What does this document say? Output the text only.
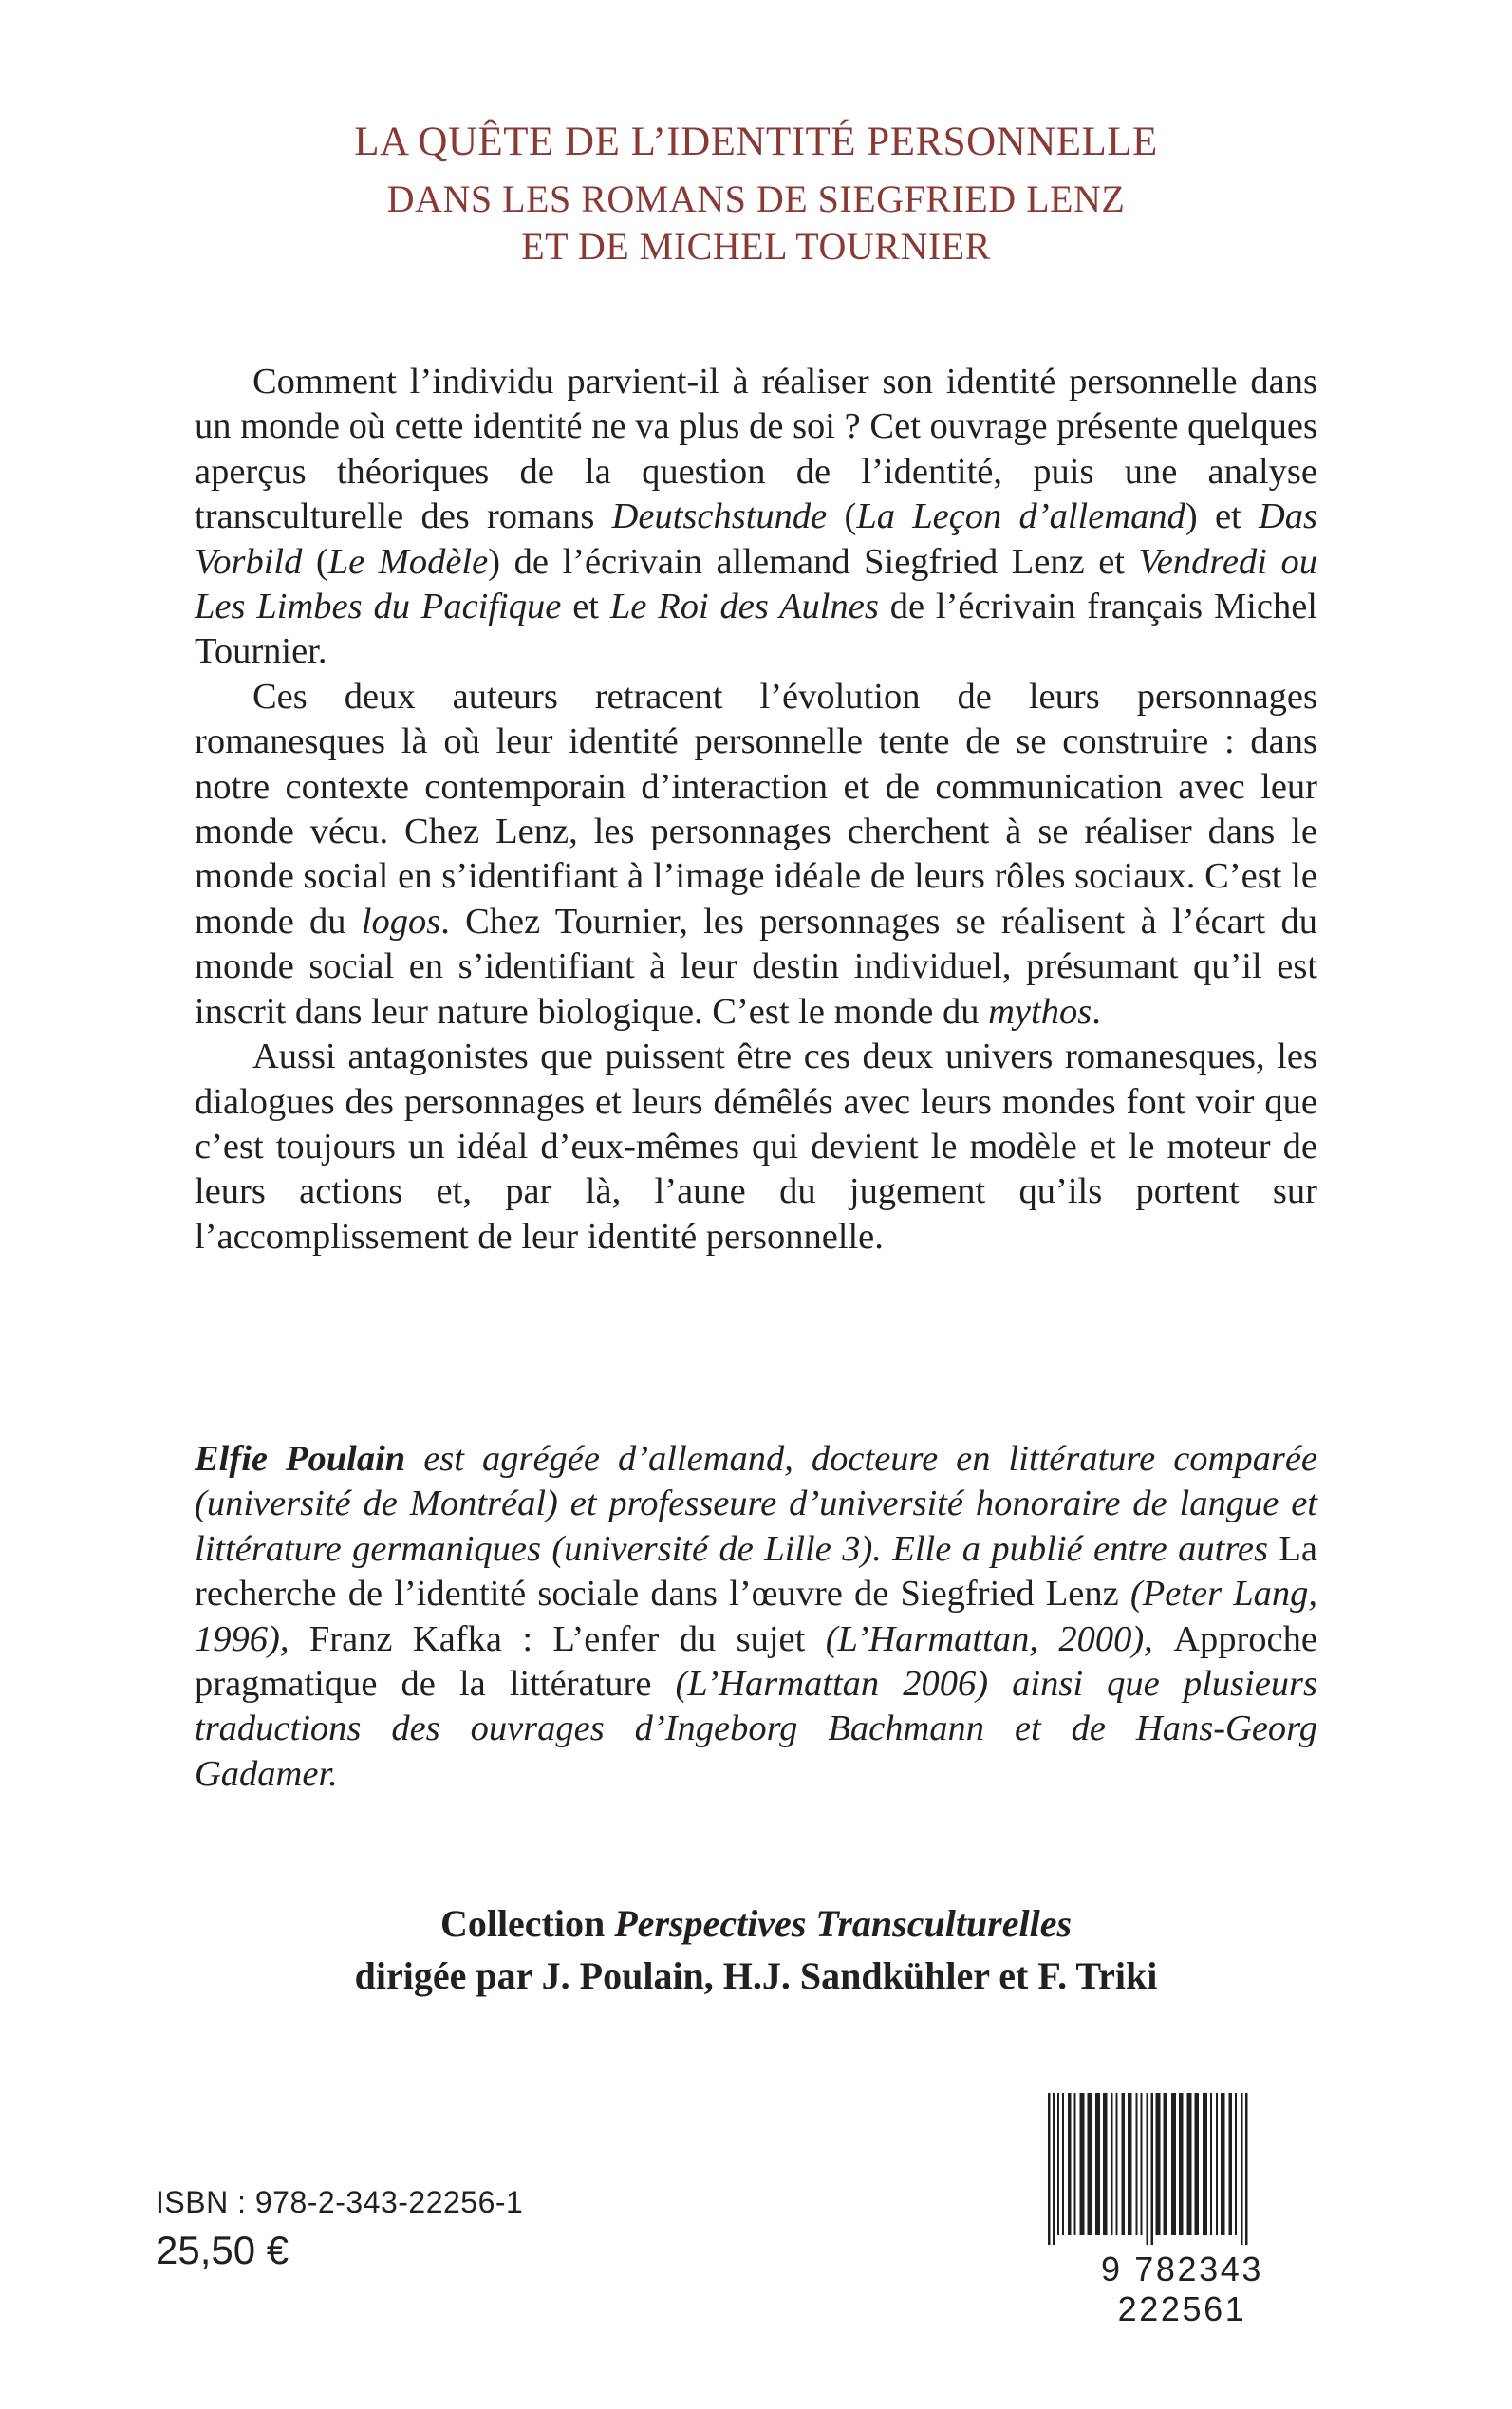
LA QUÊTE DE L’IDENTITÉ PERSONNELLE
DANS LES ROMANS DE SIEGFRIED LENZ
ET DE MICHEL TOURNIER

Comment l’individu parvient-il à réaliser son identité personnelle dans un monde où cette identité ne va plus de soi ? Cet ouvrage présente quelques aperçus théoriques de la question de l’identité, puis une analyse transculturelle des romans Deutschstunde (La Leçon d’allemand) et Das Vorbild (Le Modèle) de l’écrivain allemand Siegfried Lenz et Vendredi ou Les Limbes du Pacifique et Le Roi des Aulnes de l’écrivain français Michel Tournier.

Ces deux auteurs retracent l’évolution de leurs personnages romanesques là où leur identité personnelle tente de se construire : dans notre contexte contemporain d’interaction et de communication avec leur monde vécu. Chez Lenz, les personnages cherchent à se réaliser dans le monde social en s’identifiant à l’image idéale de leurs rôles sociaux. C’est le monde du logos. Chez Tournier, les personnages se réalisent à l’écart du monde social en s’identifiant à leur destin individuel, présumant qu’il est inscrit dans leur nature biologique. C’est le monde du mythos.

Aussi antagonistes que puissent être ces deux univers romanesques, les dialogues des personnages et leurs démêlés avec leurs mondes font voir que c’est toujours un idéal d’eux-mêmes qui devient le modèle et le moteur de leurs actions et, par là, l’aune du jugement qu’ils portent sur l’accomplissement de leur identité personnelle.

Elfie Poulain est agrégée d’allemand, docteure en littérature comparée (université de Montréal) et professeure d’université honoraire de langue et littérature germaniques (université de Lille 3). Elle a publié entre autres La recherche de l’identité sociale dans l’œuvre de Siegfried Lenz (Peter Lang, 1996), Franz Kafka : L’enfer du sujet (L’Harmattan, 2000), Approche pragmatique de la littérature (L’Harmattan 2006) ainsi que plusieurs traductions des ouvrages d’Ingeborg Bachmann et de Hans-Georg Gadamer.

Collection Perspectives Transculturelles
dirigée par J. Poulain, H.J. Sandkühler et F. Triki
ISBN : 978-2-343-22256-1
25,50 €	9 782343 222561
